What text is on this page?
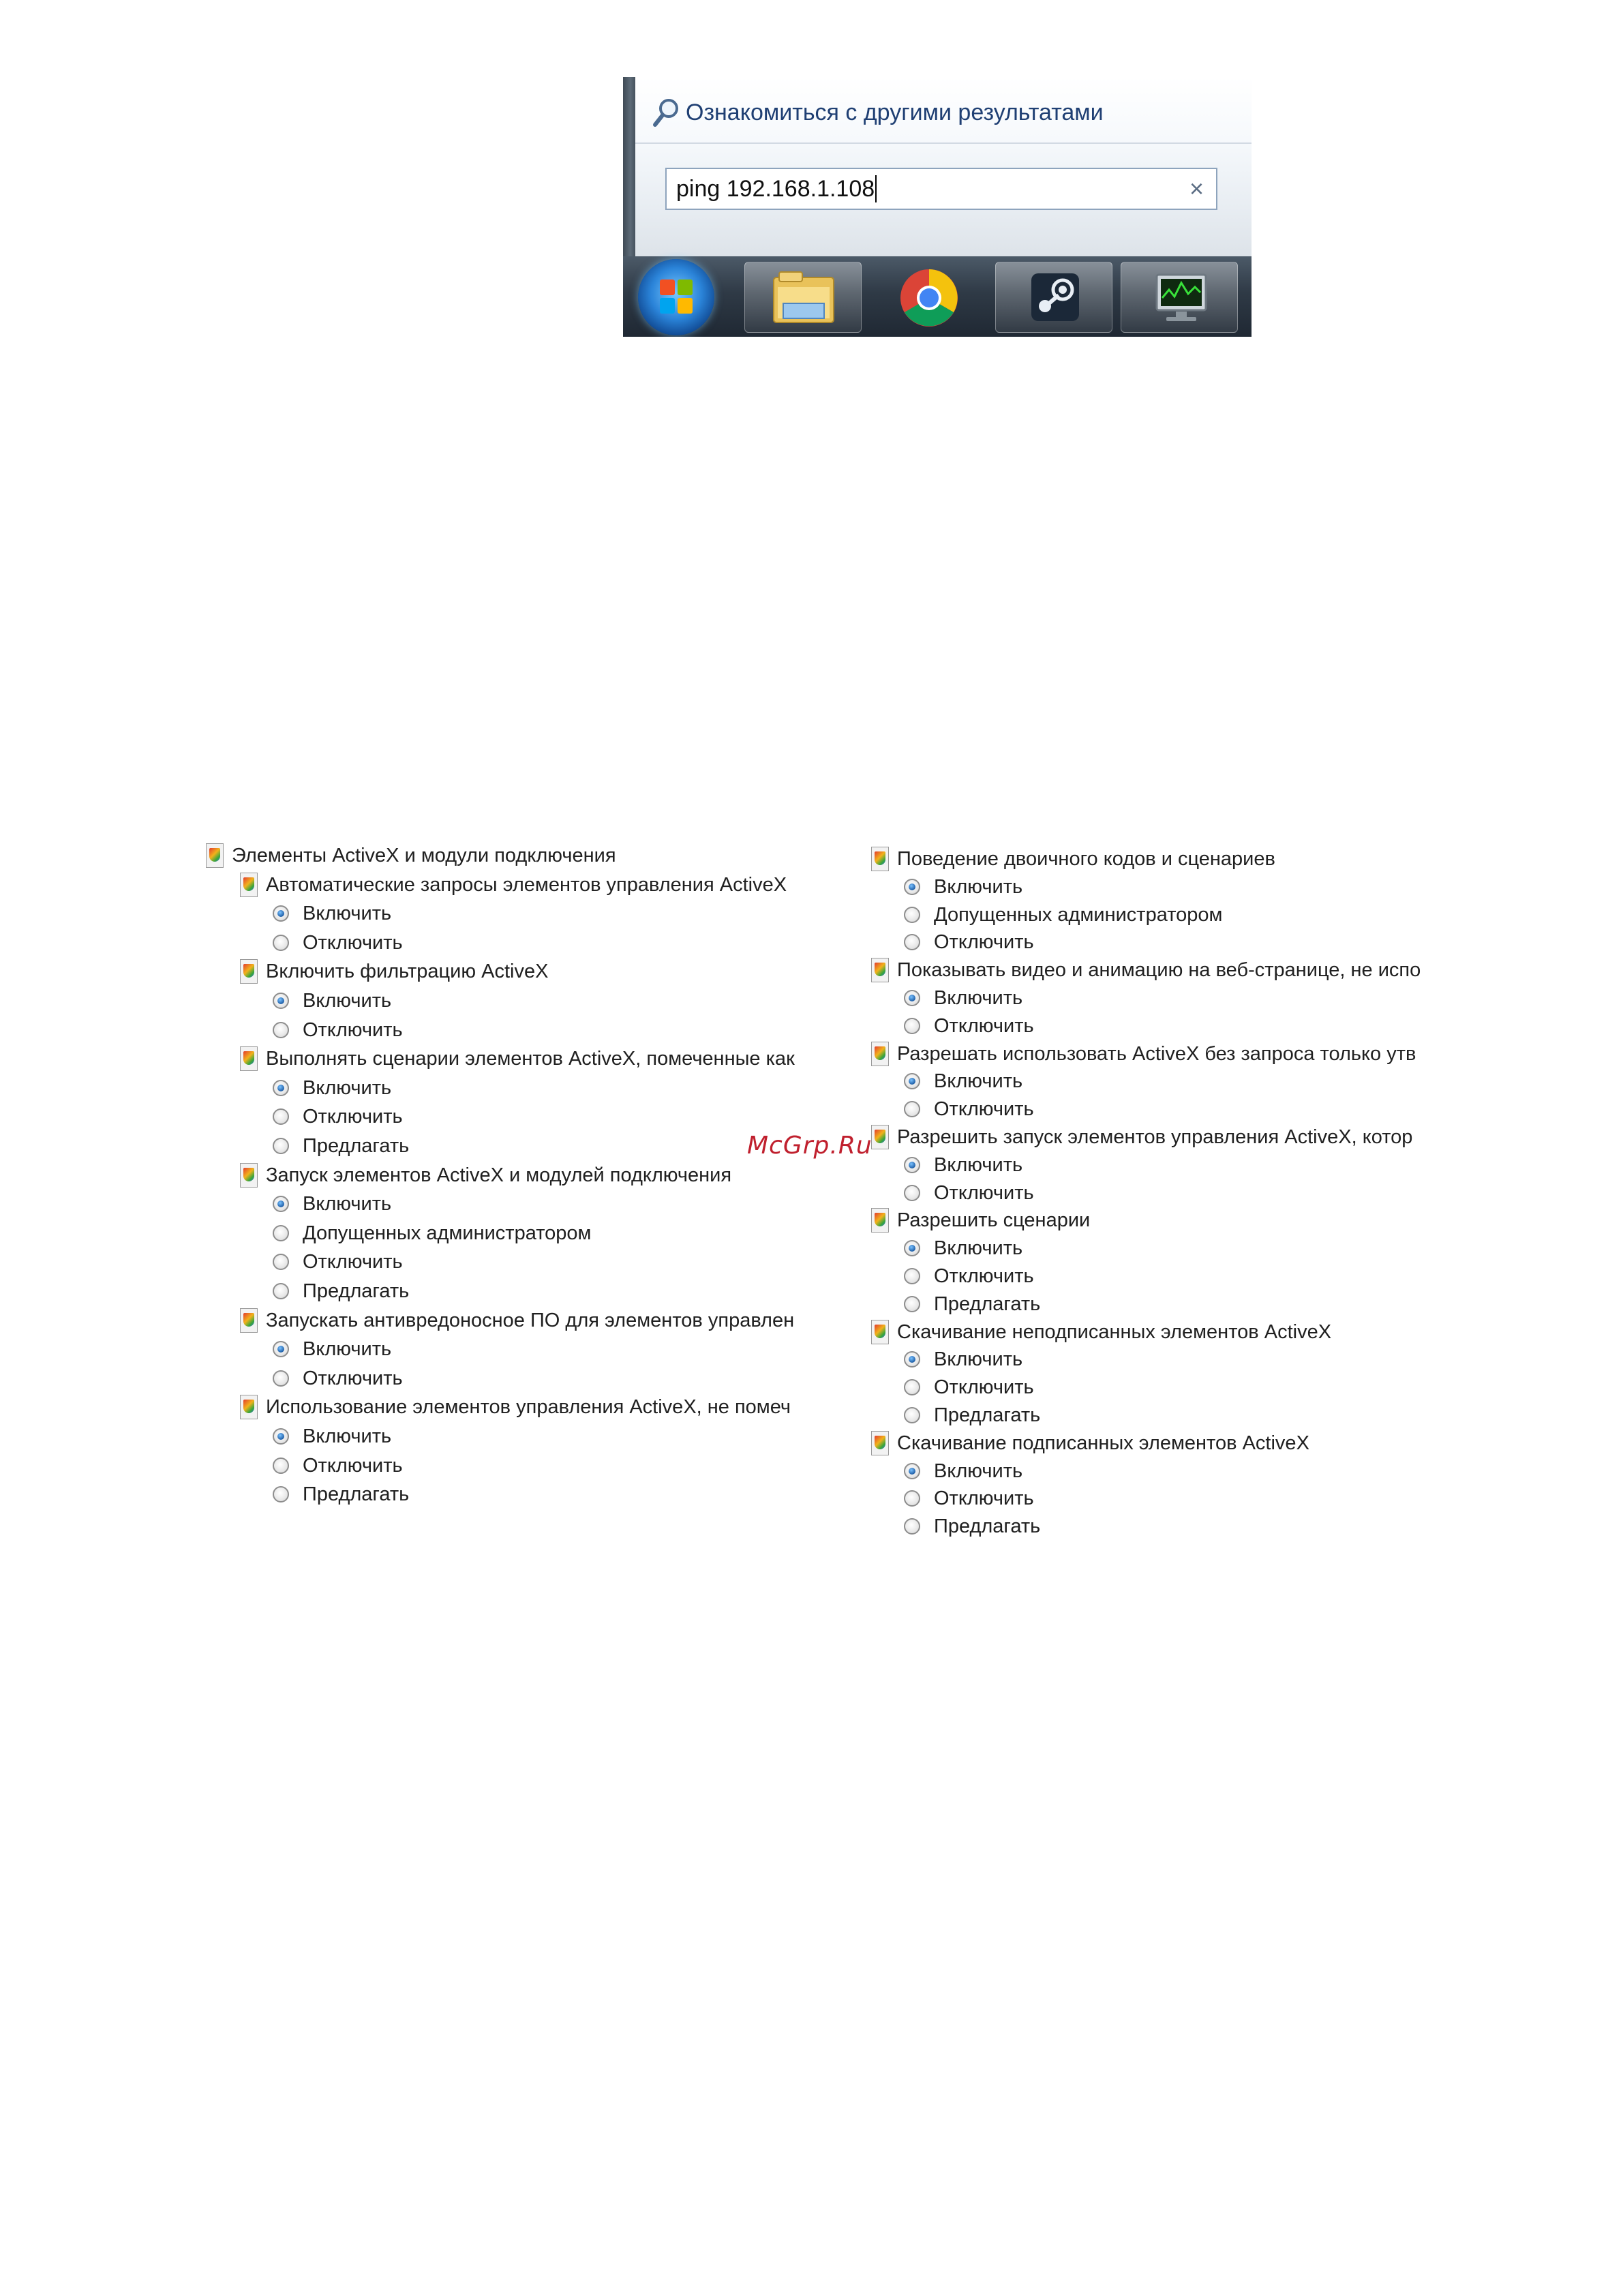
Ознакомиться с другими результатами
ping 192.168.1.108	×
Элементы ActiveX и модули подключения
Автоматические запросы элементов управления ActiveX
Включить
Отключить
Включить фильтрацию ActiveX
Включить
Отключить
Выполнять сценарии элементов ActiveX, помеченные как
Включить
Отключить
Предлагать
Запуск элементов ActiveX и модулей подключения
Включить
Допущенных администратором
Отключить
Предлагать
Запускать антивредоносное ПО для элементов управлен
Включить
Отключить
Использование элементов управления ActiveX, не помеч
Включить
Отключить
Предлагать
Поведение двоичного кодов и сценариев
Включить
Допущенных администратором
Отключить
Показывать видео и анимацию на веб-странице, не испо
Включить
Отключить
Разрешать использовать ActiveX без запроса только утв
Включить
Отключить
Разрешить запуск элементов управления ActiveX, котор
Включить
Отключить
Разрешить сценарии
Включить
Отключить
Предлагать
Скачивание неподписанных элементов ActiveX
Включить
Отключить
Предлагать
Скачивание подписанных элементов ActiveX
Включить
Отключить
Предлагать
McGrp.Ru
